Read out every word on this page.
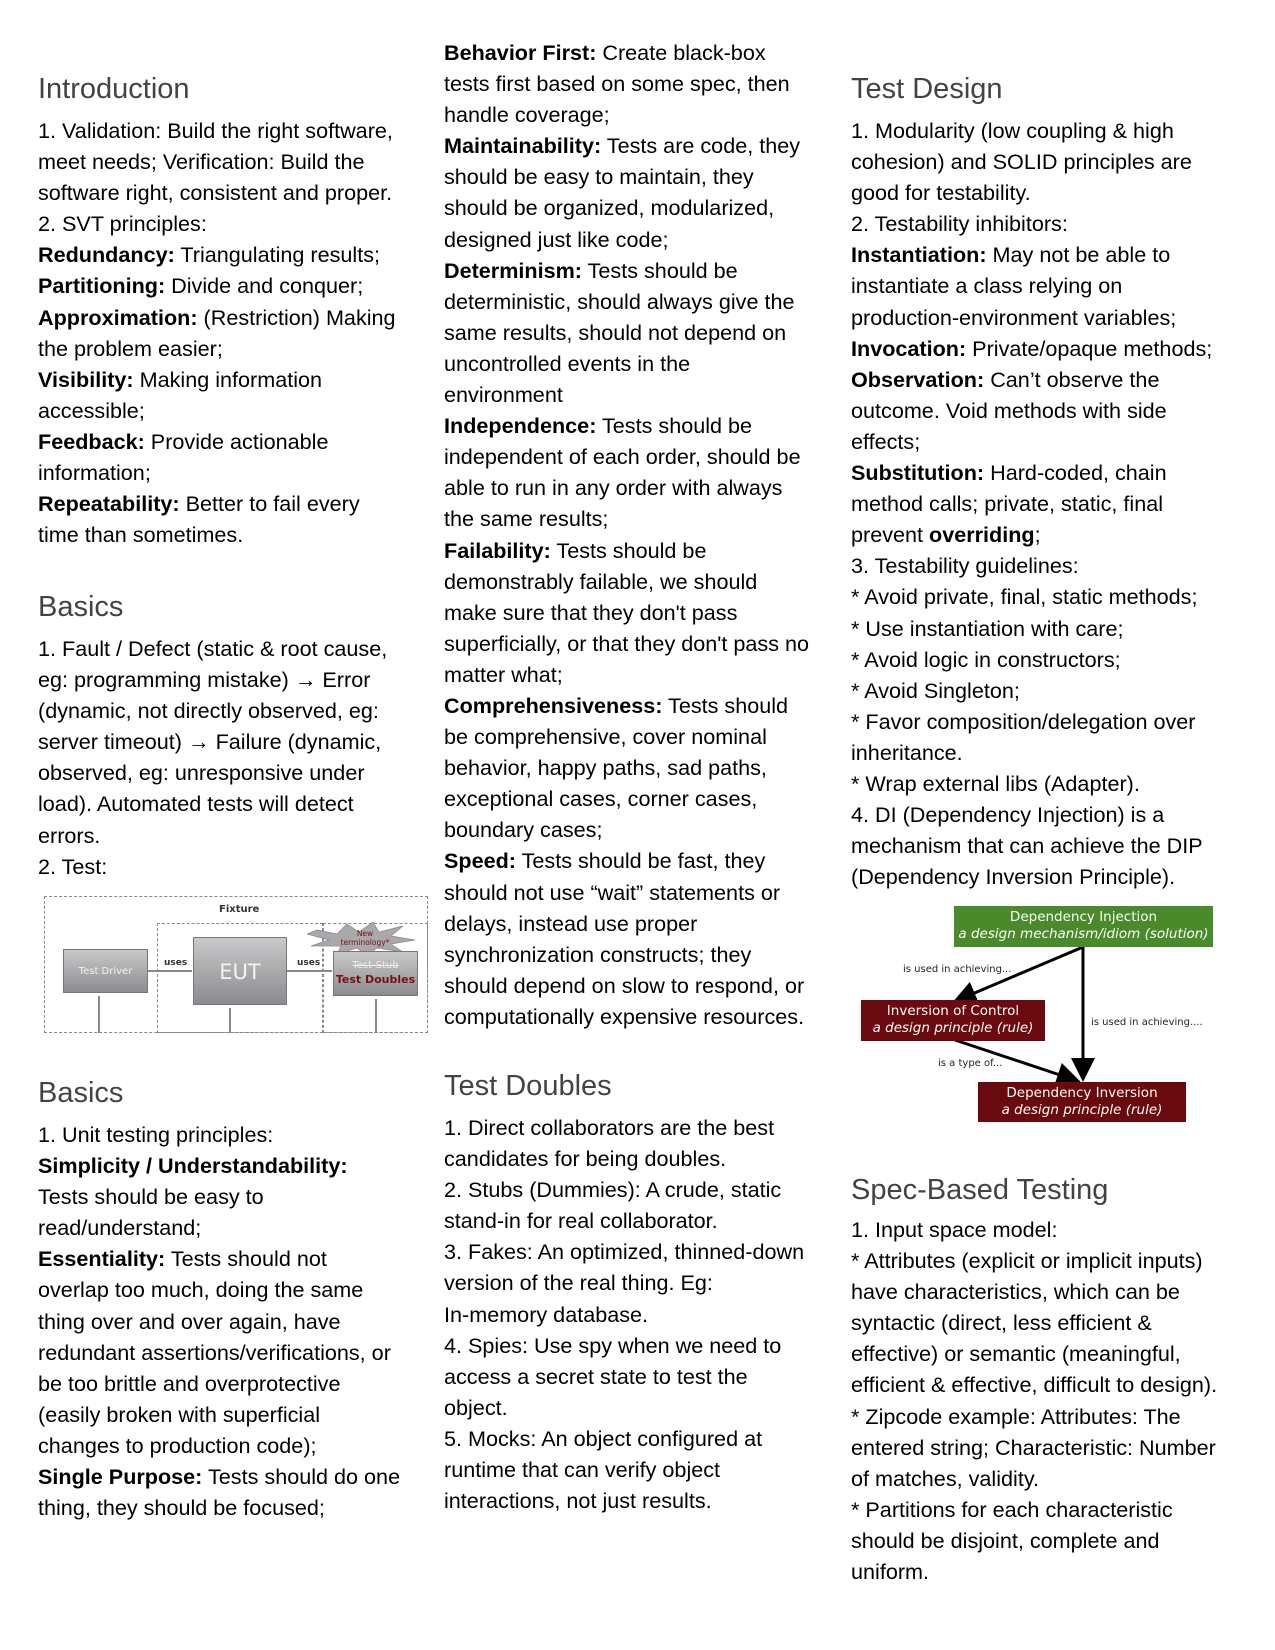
Introduction
1. Validation: Build the right software,
meet needs; Verification: Build the
software right, consistent and proper.
2. SVT principles:
Redundancy: Triangulating results;
Partitioning: Divide and conquer;
Approximation: (Restriction) Making
the problem easier;
Visibility: Making information
accessible;
Feedback: Provide actionable
information;
Repeatability: Better to fail every
time than sometimes.
Basics
1. Fault / Defect (static & root cause,
eg: programming mistake) → Error
(dynamic, not directly observed, eg:
server timeout) → Failure (dynamic,
observed, eg: unresponsive under
load). Automated tests will detect
errors.
2. Test:
Fixture
Test Driver
uses	EUT	uses
New
terminology*
Test-Stub
Test Doubles
Basics
1. Unit testing principles:
Simplicity / Understandability:
Tests should be easy to
read/understand;
Essentiality: Tests should not
overlap too much, doing the same
thing over and over again, have
redundant assertions/verifications, or
be too brittle and overprotective
(easily broken with superficial
changes to production code);
Single Purpose: Tests should do one
thing, they should be focused;
Behavior First: Create black-box
tests first based on some spec, then
handle coverage;
Maintainability: Tests are code, they
should be easy to maintain, they
should be organized, modularized,
designed just like code;
Determinism: Tests should be
deterministic, should always give the
same results, should not depend on
uncontrolled events in the
environment
Independence: Tests should be
independent of each order, should be
able to run in any order with always
the same results;
Failability: Tests should be
demonstrably failable, we should
make sure that they don't pass
superficially, or that they don't pass no
matter what;
Comprehensiveness: Tests should
be comprehensive, cover nominal
behavior, happy paths, sad paths,
exceptional cases, corner cases,
boundary cases;
Speed: Tests should be fast, they
should not use “wait” statements or
delays, instead use proper
synchronization constructs; they
should depend on slow to respond, or
computationally expensive resources.
Test Doubles
1. Direct collaborators are the best
candidates for being doubles.
2. Stubs (Dummies): A crude, static
stand-in for real collaborator.
3. Fakes: An optimized, thinned-down
version of the real thing. Eg:
In-memory database.
4. Spies: Use spy when we need to
access a secret state to test the
object.
5. Mocks: An object configured at
runtime that can verify object
interactions, not just results.
Test Design
1. Modularity (low coupling & high
cohesion) and SOLID principles are
good for testability.
2. Testability inhibitors:
Instantiation: May not be able to
instantiate a class relying on
production-environment variables;
Invocation: Private/opaque methods;
Observation: Can’t observe the
outcome. Void methods with side
effects;
Substitution: Hard-coded, chain
method calls; private, static, final
prevent overriding;
3. Testability guidelines:
* Avoid private, final, static methods;
* Use instantiation with care;
* Avoid logic in constructors;
* Avoid Singleton;
* Favor composition/delegation over
inheritance.
* Wrap external libs (Adapter).
4. DI (Dependency Injection) is a
mechanism that can achieve the DIP
(Dependency Inversion Principle).
Dependency Injection
a design mechanism/idiom (solution)
is used in achieving...
Inversion of Control
a design principle (rule)	is used in achieving....
is a type of...
Dependency Inversion
a design principle (rule)
Spec-Based Testing
1. Input space model:
* Attributes (explicit or implicit inputs)
have characteristics, which can be
syntactic (direct, less efficient &
effective) or semantic (meaningful,
efficient & effective, difficult to design).
* Zipcode example: Attributes: The
entered string; Characteristic: Number
of matches, validity.
* Partitions for each characteristic
should be disjoint, complete and
uniform.
